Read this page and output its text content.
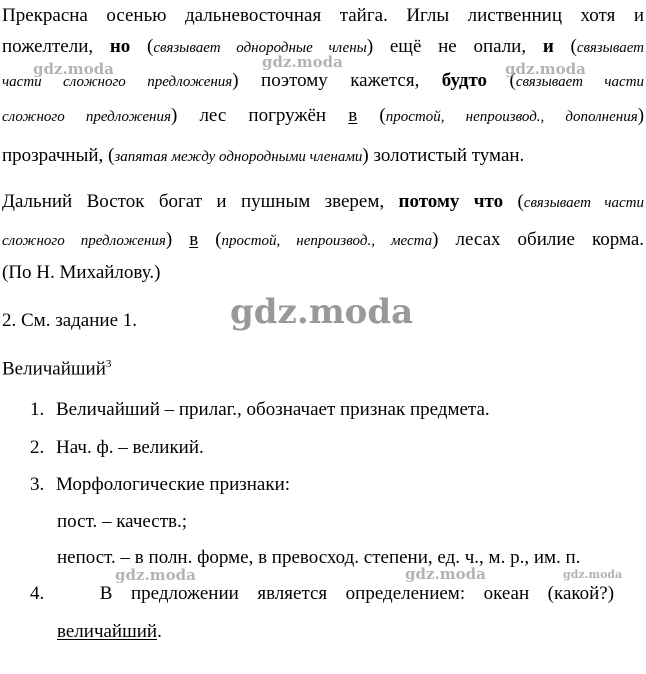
Прекрасна осенью дальневосточная тайга. Иглы лиственниц хотя и
пожелтели, но (связывает однородные члены) ещё не опали, и (связывает
части сложного предложения) поэтому кажется, будто (связывает части
сложного предложения) лес погружён в (простой, непроизвод., дополнения)
прозрачный, (запятая между однородными членами) золотистый туман.
Дальний Восток богат и пушным зверем, потому что (связывает части
сложного предложения) в (простой, непроизвод., места) лесах обилие корма.
(По Н. Михайлову.)
2. См. задание 1.
Величайший$^3$
1. Величайший – прилаг., обозначает признак предмета.
2. Нач. ф. – великий.
3. Морфологические признаки:
пост. – качеств.;
непост. – в полн. форме, в превосход. степени, ед. ч., м. р., им. п.
4.	В предложении является определением: океан (какой?)
величайший.
gdz.moda	gdz.moda	gdz.moda
gdz.moda
gdz.moda	gdz.moda	gdz.moda
